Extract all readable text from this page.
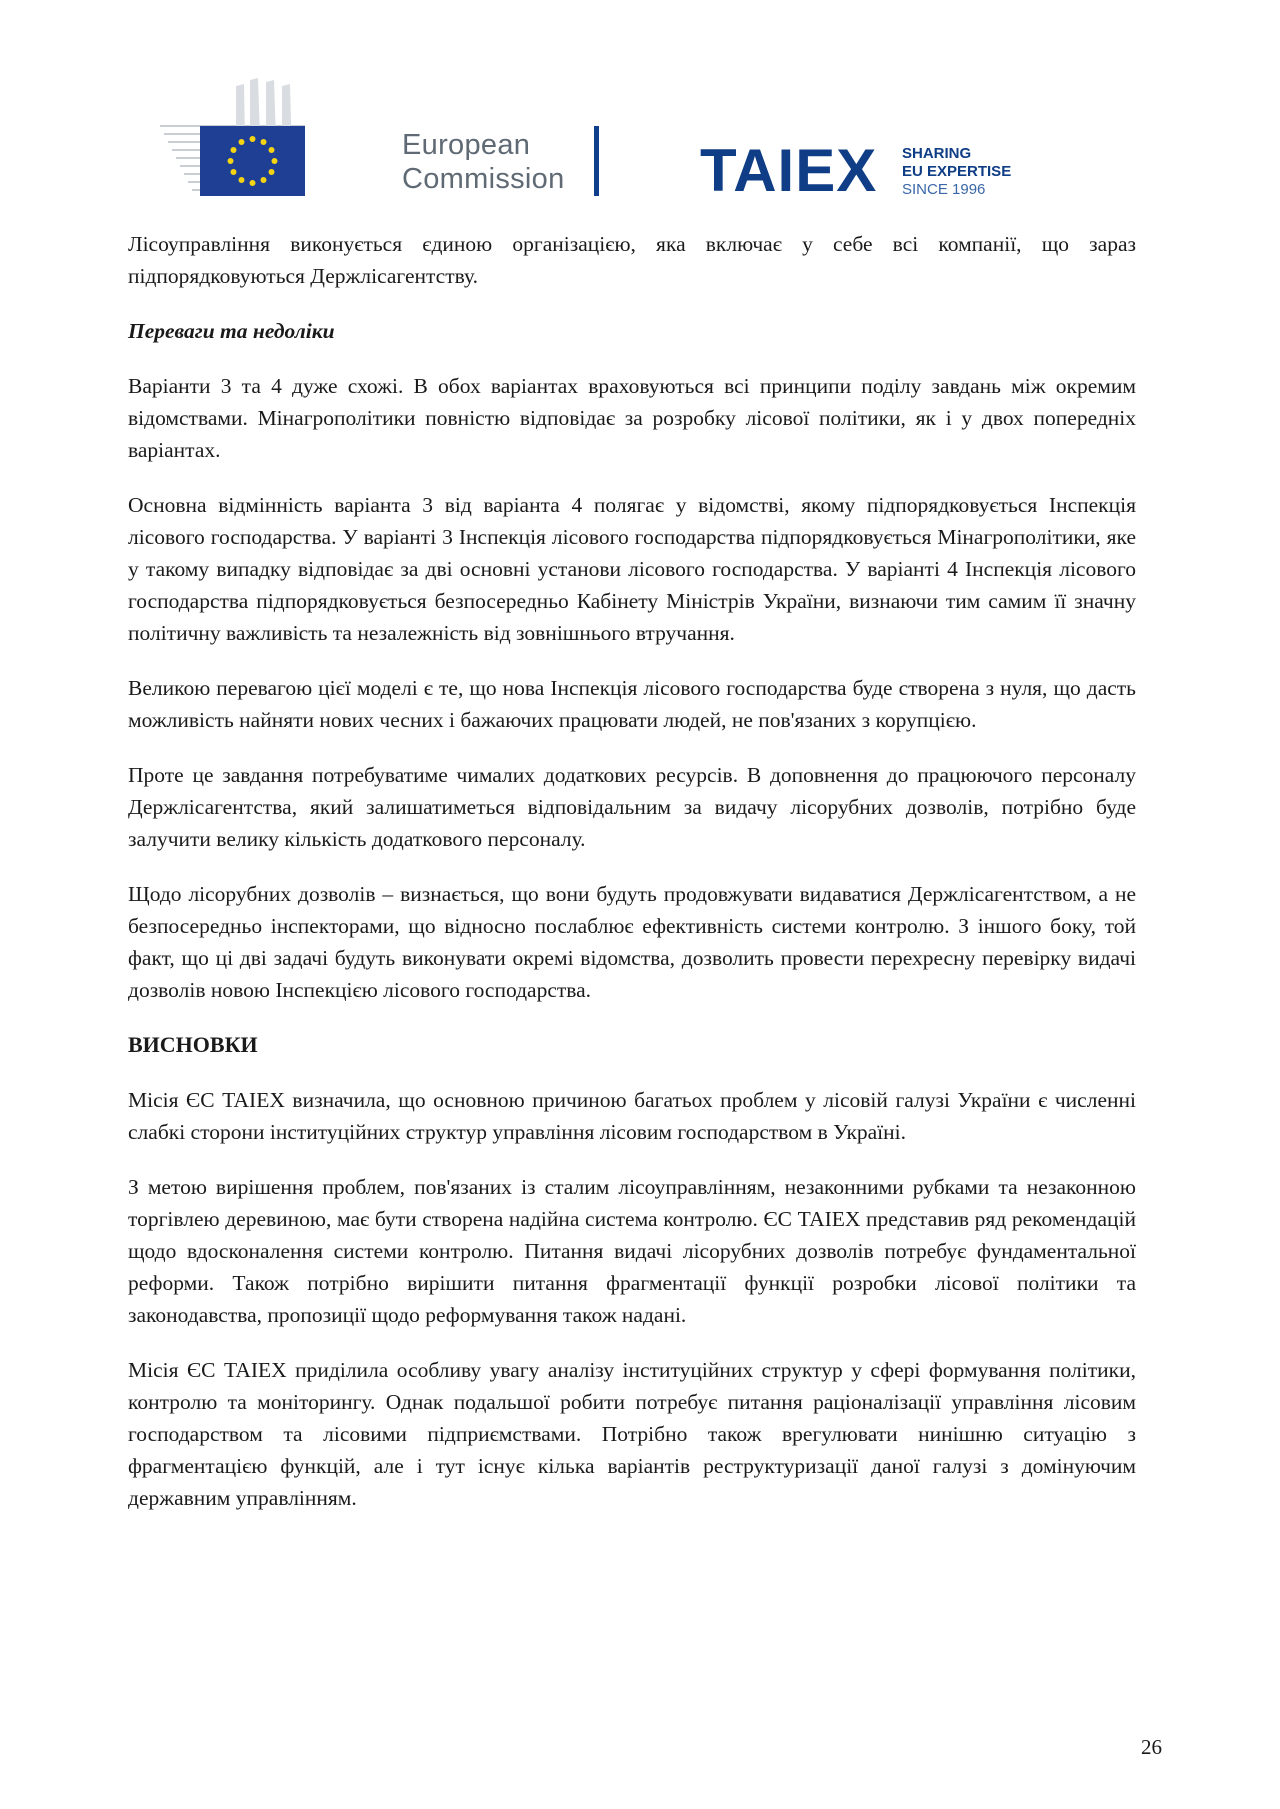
European
Commission	TAIEX SHARING
EU EXPERTISE
SINCE 1996

Лісоуправління виконується єдиною організацією, яка включає у себе всі компанії, що зараз підпорядковуються Держлісагентству.

Переваги та недоліки

Варіанти 3 та 4 дуже схожі. В обох варіантах враховуються всі принципи поділу завдань між окремим відомствами. Мінагрополітики повністю відповідає за розробку лісової політики, як і у двох попередніх варіантах.

Основна відмінність варіанта 3 від варіанта 4 полягає у відомстві, якому підпорядковується Інспекція лісового господарства. У варіанті 3 Інспекція лісового господарства підпорядковується Мінагрополітики, яке у такому випадку відповідає за дві основні установи лісового господарства. У варіанті 4 Інспекція лісового господарства підпорядковується безпосередньо Кабінету Міністрів України, визнаючи тим самим її значну політичну важливість та незалежність від зовнішнього втручання.

Великою перевагою цієї моделі є те, що нова Інспекція лісового господарства буде створена з нуля, що дасть можливість найняти нових чесних і бажаючих працювати людей, не пов'язаних з корупцією.

Проте це завдання потребуватиме чималих додаткових ресурсів. В доповнення до працюючого персоналу Держлісагентства, який залишатиметься відповідальним за видачу лісорубних дозволів, потрібно буде залучити велику кількість додаткового персоналу.

Щодо лісорубних дозволів – визнається, що вони будуть продовжувати видаватися Держлісагентством, а не безпосередньо інспекторами, що відносно послаблює ефективність системи контролю. З іншого боку, той факт, що ці дві задачі будуть виконувати окремі відомства, дозволить провести перехресну перевірку видачі дозволів новою Інспекцією лісового господарства.

ВИСНОВКИ

Місія ЄС TAIEX визначила, що основною причиною багатьох проблем у лісовій галузі України є численні слабкі сторони інституційних структур управління лісовим господарством в Україні.

З метою вирішення проблем, пов'язаних із сталим лісоуправлінням, незаконними рубками та незаконною торгівлею деревиною, має бути створена надійна система контролю. ЄС TAIEX представив ряд рекомендацій щодо вдосконалення системи контролю. Питання видачі лісорубних дозволів потребує фундаментальної реформи. Також потрібно вирішити питання фрагментації функції розробки лісової політики та законодавства, пропозиції щодо реформування також надані.

Місія ЄС TAIEX приділила особливу увагу аналізу інституційних структур у сфері формування політики, контролю та моніторингу. Однак подальшої робити потребує питання раціоналізації управління лісовим господарством та лісовими підприємствами. Потрібно також врегулювати нинішню ситуацію з фрагментацією функцій, але і тут існує кілька варіантів реструктуризації даної галузі з домінуючим державним управлінням.

26
